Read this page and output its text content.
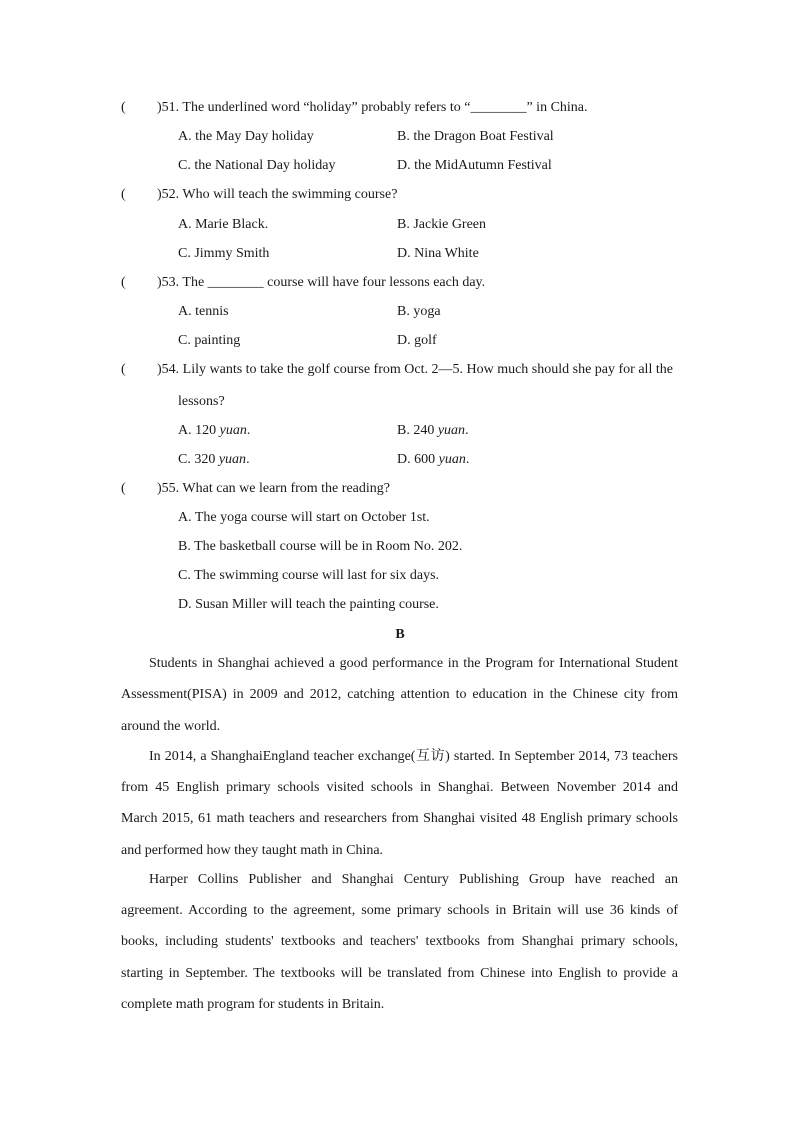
( )51. The underlined word “holiday” probably refers to “________” in China.
A. the May Day holiday	B. the Dragon Boat Festival
C. the National Day holiday	D. the MidAutumn Festival
( )52. Who will teach the swimming course?
A. Marie Black.	B. Jackie Green
C. Jimmy Smith	D. Nina White
( )53. The ________ course will have four lessons each day.
A. tennis	B. yoga
C. painting	D. golf
( )54. Lily wants to take the golf course from Oct. 2—5. How much should she pay for all the
lessons?
A. 120 yuan.	B. 240 yuan.
C. 320 yuan.	D. 600 yuan.
( )55. What can we learn from the reading?
A. The yoga course will start on October 1st.
B. The basketball course will be in Room No. 202.
C. The swimming course will last for six days.
D. Susan Miller will teach the painting course.
B
Students in Shanghai achieved a good performance in the Program for International Student
Assessment(PISA) in 2009 and 2012, catching attention to education in the Chinese city from
around the world.
In 2014, a ShanghaiEngland teacher exchange(互访) started. In September 2014, 73 teachers
from 45 English primary schools visited schools in Shanghai. Between November 2014 and
March 2015, 61 math teachers and researchers from Shanghai visited 48 English primary schools
and performed how they taught math in China.
Harper Collins Publisher and Shanghai Century Publishing Group have reached an
agreement. According to the agreement, some primary schools in Britain will use 36 kinds of
books, including students' textbooks and teachers' textbooks from Shanghai primary schools,
starting in September. The textbooks will be translated from Chinese into English to provide a
complete math program for students in Britain.
